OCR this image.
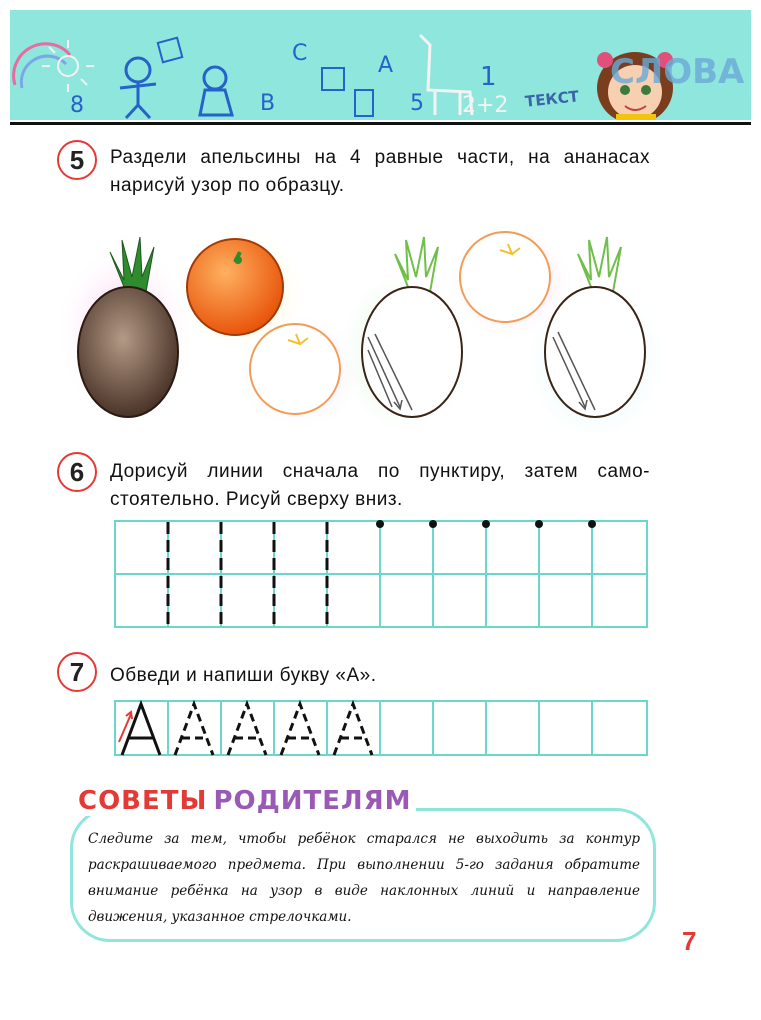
С	А
В
1
2+2
5
8	ТЕКСТ
СЛОВА
5	Раздели апельсины на 4 равные части, на ананасах нарисуй узор по образцу.
6	Дорисуй линии сначала по пунктиру, затем само-стоятельно. Рисуй сверху вниз.
7	Обведи и напиши букву «А».
СОВЕТЫ РОДИТЕЛЯМ
Следите за тем, чтобы ребёнок старался не выходить за контур раскрашиваемого предмета. При выполнении 5-го задания обратите внимание ребёнка на узор в виде наклонных линий и направление движения, указанное стрелочками.
7
